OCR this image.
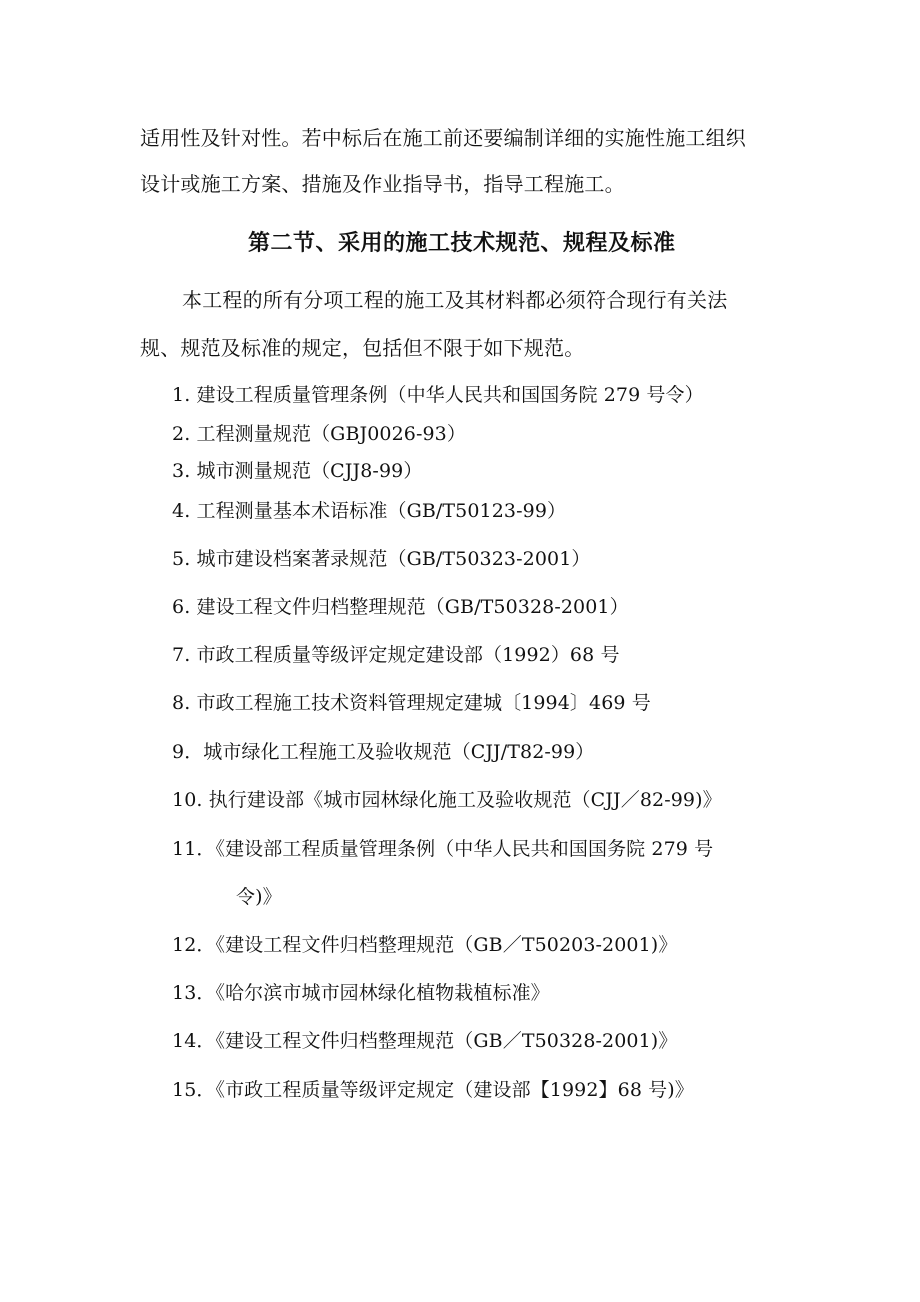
适用性及针对性。若中标后在施工前还要编制详细的实施性施工组织
设计或施工方案、措施及作业指导书，指导工程施工。
第二节、采用的施工技术规范、规程及标准
本工程的所有分项工程的施工及其材料都必须符合现行有关法
规、规范及标准的规定，包括但不限于如下规范。
1. 建设工程质量管理条例（中华人民共和国国务院 279 号令）
2. 工程测量规范（GBJ0026-93）
3. 城市测量规范（CJJ8-99）
4. 工程测量基本术语标准（GB/T50123-99）
5. 城市建设档案著录规范（GB/T50323-2001）
6. 建设工程文件归档整理规范（GB/T50328-2001）
7. 市政工程质量等级评定规定建设部（1992）68 号
8. 市政工程施工技术资料管理规定建城〔1994〕469 号
9．城市绿化工程施工及验收规范（CJJ/T82-99）
10. 执行建设部《城市园林绿化施工及验收规范（CJJ／82-99)》
11．《建设部工程质量管理条例（中华人民共和国国务院 279 号
令)》
12．《建设工程文件归档整理规范（GB／T50203-2001)》
13．《哈尔滨市城市园林绿化植物栽植标准》
14．《建设工程文件归档整理规范（GB／T50328-2001)》
15．《市政工程质量等级评定规定（建设部【1992】68 号)》
